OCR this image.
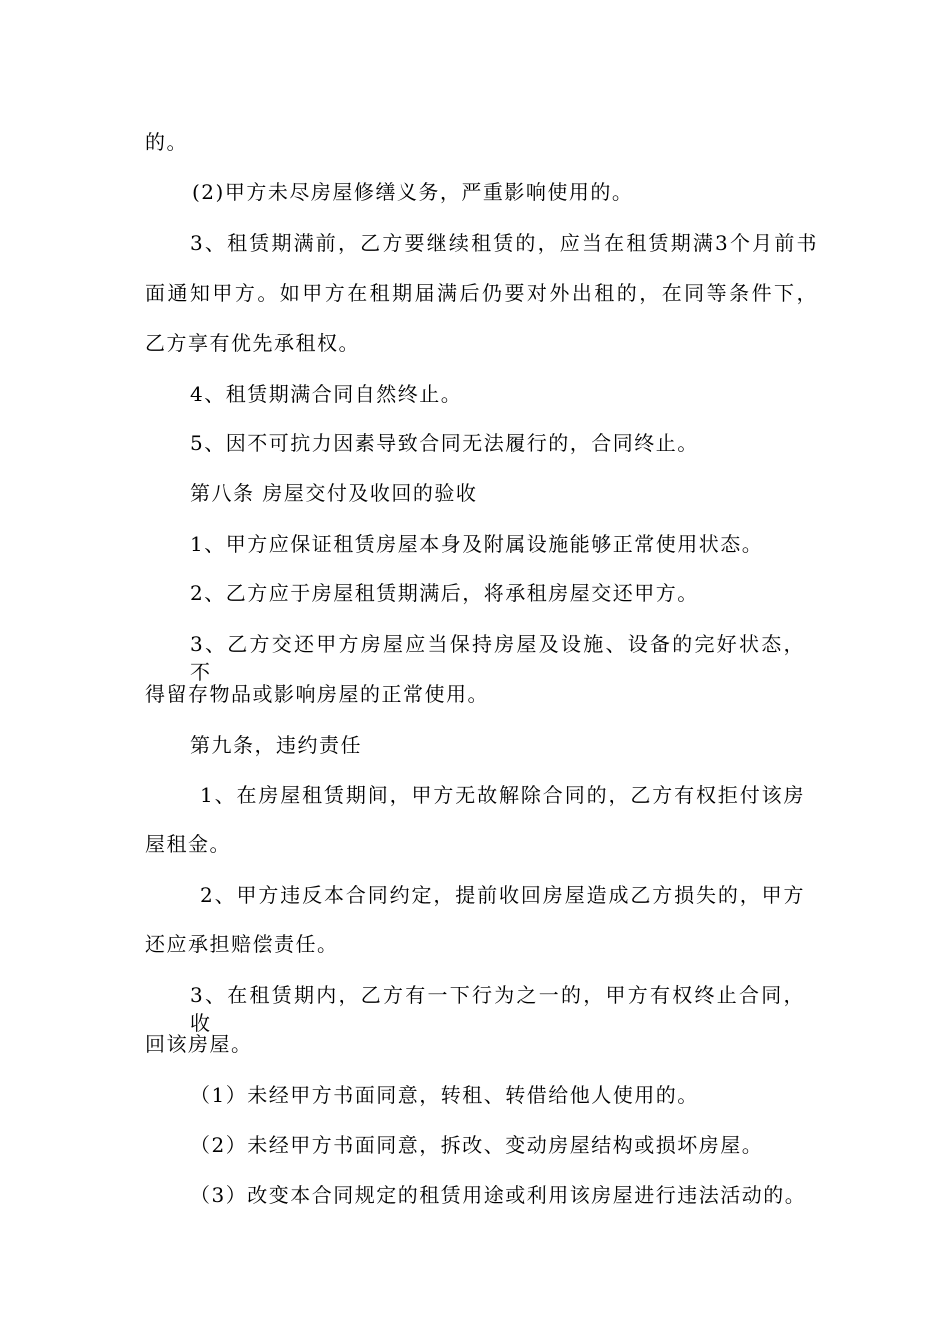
的。
(2)甲方未尽房屋修缮义务，严重影响使用的。
3、租赁期满前，乙方要继续租赁的，应当在租赁期满3个月前书
面通知甲方。如甲方在租期届满后仍要对外出租的，在同等条件下，
乙方享有优先承租权。
4、租赁期满合同自然终止。
5、因不可抗力因素导致合同无法履行的，合同终止。
第八条 房屋交付及收回的验收
1、甲方应保证租赁房屋本身及附属设施能够正常使用状态。
2、乙方应于房屋租赁期满后，将承租房屋交还甲方。
3、乙方交还甲方房屋应当保持房屋及设施、设备的完好状态，不
得留存物品或影响房屋的正常使用。
第九条，违约责任
1、在房屋租赁期间，甲方无故解除合同的，乙方有权拒付该房
屋租金。
2、甲方违反本合同约定，提前收回房屋造成乙方损失的，甲方
还应承担赔偿责任。
3、在租赁期内，乙方有一下行为之一的，甲方有权终止合同，收
回该房屋。
（1）未经甲方书面同意，转租、转借给他人使用的。
（2）未经甲方书面同意，拆改、变动房屋结构或损坏房屋。
（3）改变本合同规定的租赁用途或利用该房屋进行违法活动的。
